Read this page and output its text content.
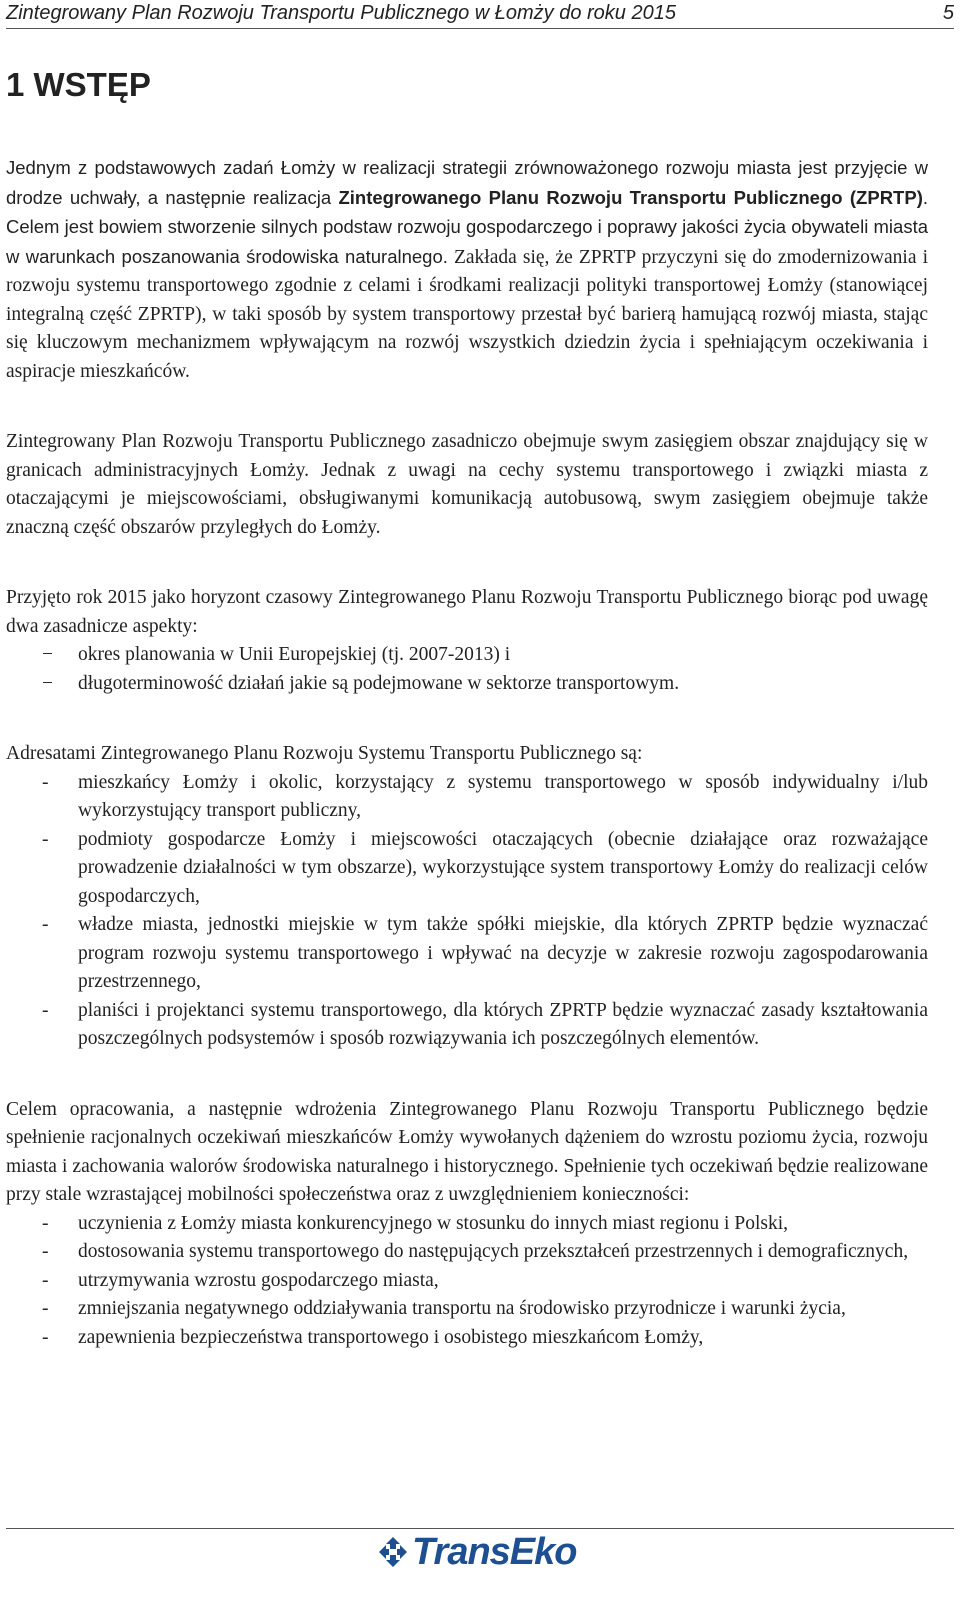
Zintegrowany Plan Rozwoju Transportu Publicznego w Łomży do roku 2015	5
1 WSTĘP

Jednym z podstawowych zadań Łomży w realizacji strategii zrównoważonego rozwoju miasta jest przyjęcie w drodze uchwały, a następnie realizacja Zintegrowanego Planu Rozwoju Transportu Publicznego (ZPRTP). Celem jest bowiem stworzenie silnych podstaw rozwoju gospodarczego i poprawy jakości życia obywateli miasta w warunkach poszanowania środowiska naturalnego. Zakłada się, że ZPRTP przyczyni się do zmodernizowania i rozwoju systemu transportowego zgodnie z celami i środkami realizacji polityki transportowej Łomży (stanowiącej integralną część ZPRTP), w taki sposób by system transportowy przestał być barierą hamującą rozwój miasta, stając się kluczowym mechanizmem wpływającym na rozwój wszystkich dziedzin życia i spełniającym oczekiwania i aspiracje mieszkańców.

Zintegrowany Plan Rozwoju Transportu Publicznego zasadniczo obejmuje swym zasięgiem obszar znajdujący się w granicach administracyjnych Łomży. Jednak z uwagi na cechy systemu transportowego i związki miasta z otaczającymi je miejscowościami, obsługiwanymi komunikacją autobusową, swym zasięgiem obejmuje także znaczną część obszarów przyległych do Łomży.

Przyjęto rok 2015 jako horyzont czasowy Zintegrowanego Planu Rozwoju Transportu Publicznego biorąc pod uwagę dwa zasadnicze aspekty:

− okres planowania w Unii Europejskiej (tj. 2007-2013) i
− długoterminowość działań jakie są podejmowane w sektorze transportowym.

Adresatami Zintegrowanego Planu Rozwoju Systemu Transportu Publicznego są:

- mieszkańcy Łomży i okolic, korzystający z systemu transportowego w sposób indywidualny i/lub wykorzystujący transport publiczny,
- podmioty gospodarcze Łomży i miejscowości otaczających (obecnie działające oraz rozważające prowadzenie działalności w tym obszarze), wykorzystujące system transportowy Łomży do realizacji celów gospodarczych,
- władze miasta, jednostki miejskie w tym także spółki miejskie, dla których ZPRTP będzie wyznaczać program rozwoju systemu transportowego i wpływać na decyzje w zakresie rozwoju zagospodarowania przestrzennego,
- planiści i projektanci systemu transportowego, dla których ZPRTP będzie wyznaczać zasady kształtowania poszczególnych podsystemów i sposób rozwiązywania ich poszczególnych elementów.

Celem opracowania, a następnie wdrożenia Zintegrowanego Planu Rozwoju Transportu Publicznego będzie spełnienie racjonalnych oczekiwań mieszkańców Łomży wywołanych dążeniem do wzrostu poziomu życia, rozwoju miasta i zachowania walorów środowiska naturalnego i historycznego. Spełnienie tych oczekiwań będzie realizowane przy stale wzrastającej mobilności społeczeństwa oraz z uwzględnieniem konieczności:

- uczynienia z Łomży miasta konkurencyjnego w stosunku do innych miast regionu i Polski,
- dostosowania systemu transportowego do następujących przekształceń przestrzennych i demograficznych,
- utrzymywania wzrostu gospodarczego miasta,
- zmniejszania negatywnego oddziaływania transportu na środowisko przyrodnicze i warunki życia,
- zapewnienia bezpieczeństwa transportowego i osobistego mieszkańcom Łomży,
TransEko
